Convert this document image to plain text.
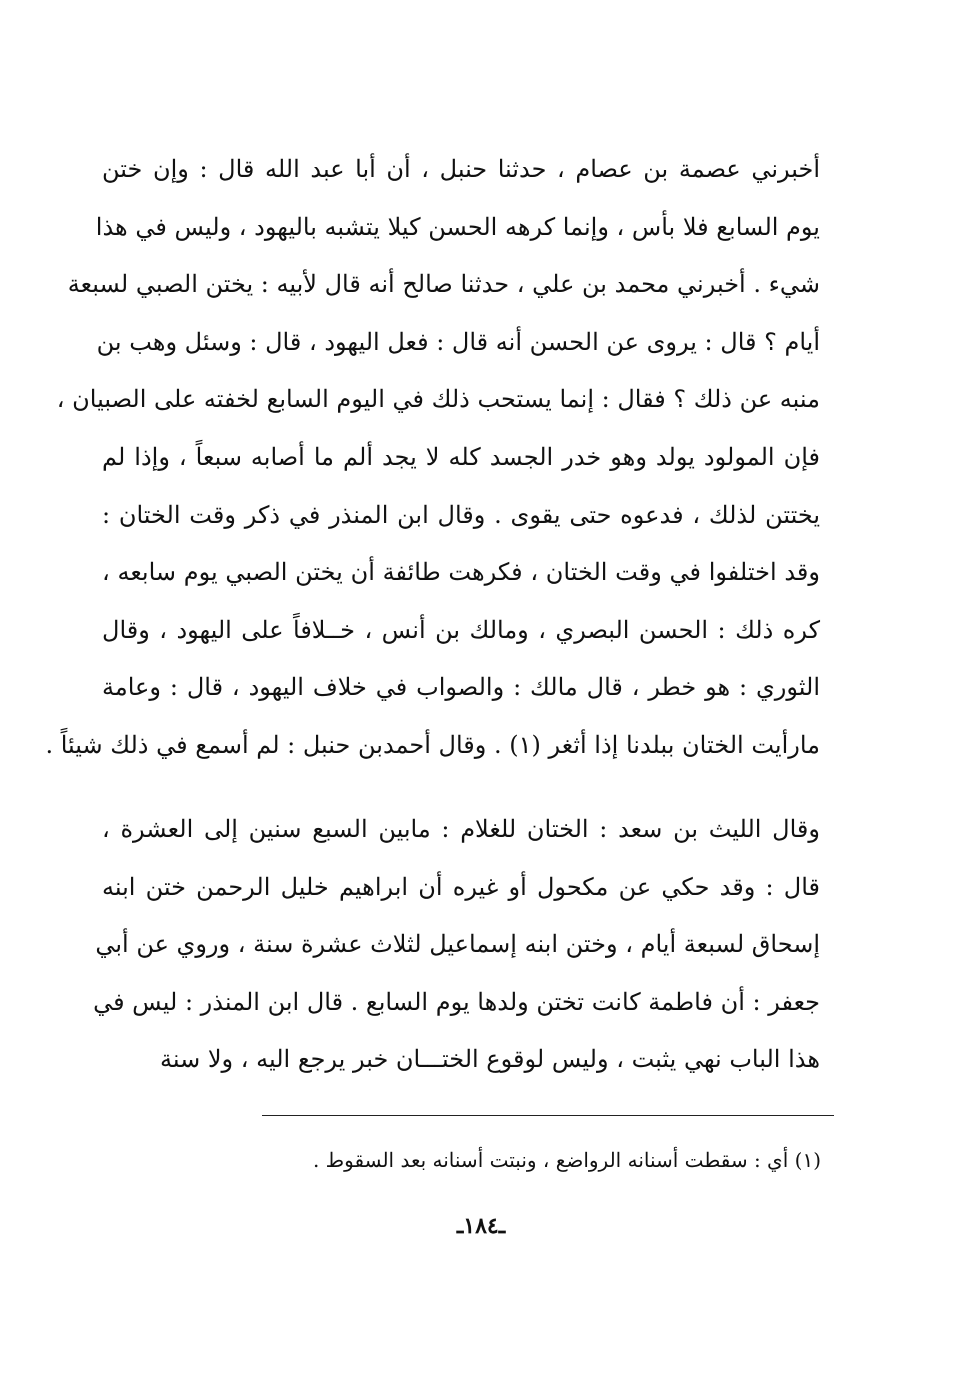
أخبرني عصمة بن عصام ، حدثنا حنبل ، أن أبا عبد الله قال : وإن ختن
يوم السابع فلا بأس ، وإنما كرهه الحسن كيلا يتشبه باليهود ، وليس في هذا
شيء . أخبرني محمد بن علي ، حدثنا صالح أنه قال لأبيه : يختن الصبي لسبعة
أيام ؟ قال : يروى عن الحسن أنه قال : فعل اليهود ، قال : وسئل وهب بن
منبه عن ذلك ؟ فقال : إنما يستحب ذلك في اليوم السابع لخفته على الصبيان ،
فإن المولود يولد وهو خدر الجسد كله لا يجد ألم ما أصابه سبعاً ، وإذا لم
يختتن لذلك ، فدعوه حتى يقوى . وقال ابن المنذر في ذكر وقت الختان :
وقد اختلفوا في وقت الختان ، فكرهت طائفة أن يختن الصبي يوم سابعه ،
كره ذلك : الحسن البصري ، ومالك بن أنس ، خــلافاً على اليهود ، وقال
الثوري : هو خطر ، قال مالك : والصواب في خلاف اليهود ، قال : وعامة
مارأيت الختان ببلدنا إذا أثغر (١) . وقال أحمدبن حنبل : لم أسمع في ذلك شيئاً .
وقال الليث بن سعد : الختان للغلام : مابين السبع سنين إلى العشرة ،
قال : وقد حكي عن مكحول أو غيره أن ابراهيم خليل الرحمن ختن ابنه
إسحاق لسبعة أيام ، وختن ابنه إسماعيل لثلاث عشرة سنة ، وروي عن أبي
جعفر : أن فاطمة كانت تختن ولدها يوم السابع . قال ابن المنذر : ليس في
هذا الباب نهي يثبت ، وليس لوقوع الختـــان خبر يرجع اليه ، ولا سنة
(١) أي : سقطت أسنانه الرواضع ، ونبتت أسنانه بعد السقوط .
ـ١٨٤ـ
